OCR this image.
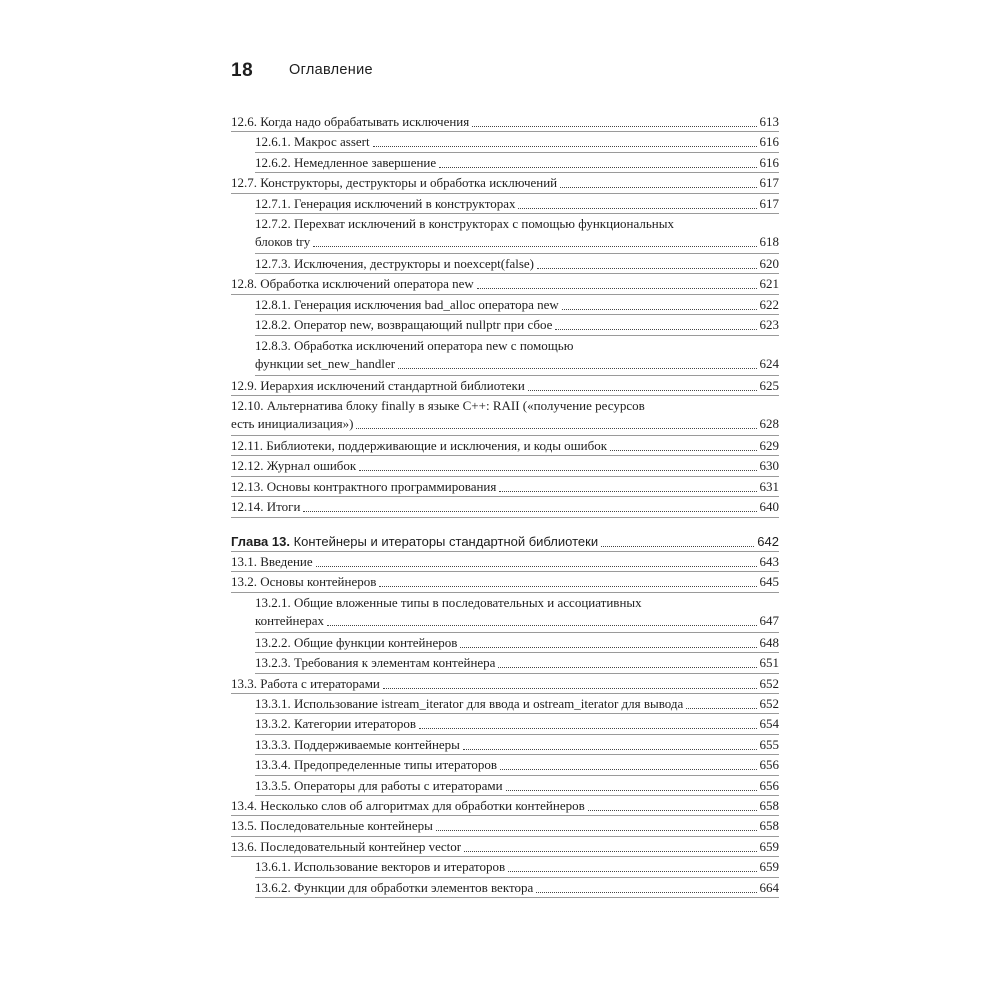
18 Оглавление
12.6. Когда надо обрабатывать исключения	613
12.6.1. Макрос assert	616
12.6.2. Немедленное завершение	616
12.7. Конструкторы, деструкторы и обработка исключений	617
12.7.1. Генерация исключений в конструкторах	617
12.7.2. Перехват исключений в конструкторах с помощью функциональных
блоков try	618
12.7.3. Исключения, деструкторы и noexcept(false)	620
12.8. Обработка исключений оператора new	621
12.8.1. Генерация исключения bad_alloc оператора new	622
12.8.2. Оператор new, возвращающий nullptr при сбое	623
12.8.3. Обработка исключений оператора new с помощью
функции set_new_handler	624
12.9. Иерархия исключений стандартной библиотеки	625
12.10. Альтернатива блоку finally в языке C++: RAII («получение ресурсов
есть инициализация»)	628
12.11. Библиотеки, поддерживающие и исключения, и коды ошибок	629
12.12. Журнал ошибок	630
12.13. Основы контрактного программирования	631
12.14. Итоги	640
Глава 13. Контейнеры и итераторы стандартной библиотеки	642
13.1. Введение	643
13.2. Основы контейнеров	645
13.2.1. Общие вложенные типы в последовательных и ассоциативных
контейнерах	647
13.2.2. Общие функции контейнеров	648
13.2.3. Требования к элементам контейнера	651
13.3. Работа с итераторами	652
13.3.1. Использование istream_iterator для ввода и ostream_iterator для вывода	652
13.3.2. Категории итераторов	654
13.3.3. Поддерживаемые контейнеры	655
13.3.4. Предопределенные типы итераторов	656
13.3.5. Операторы для работы с итераторами	656
13.4. Несколько слов об алгоритмах для обработки контейнеров	658
13.5. Последовательные контейнеры	658
13.6. Последовательный контейнер vector	659
13.6.1. Использование векторов и итераторов	659
13.6.2. Функции для обработки элементов вектора	664
